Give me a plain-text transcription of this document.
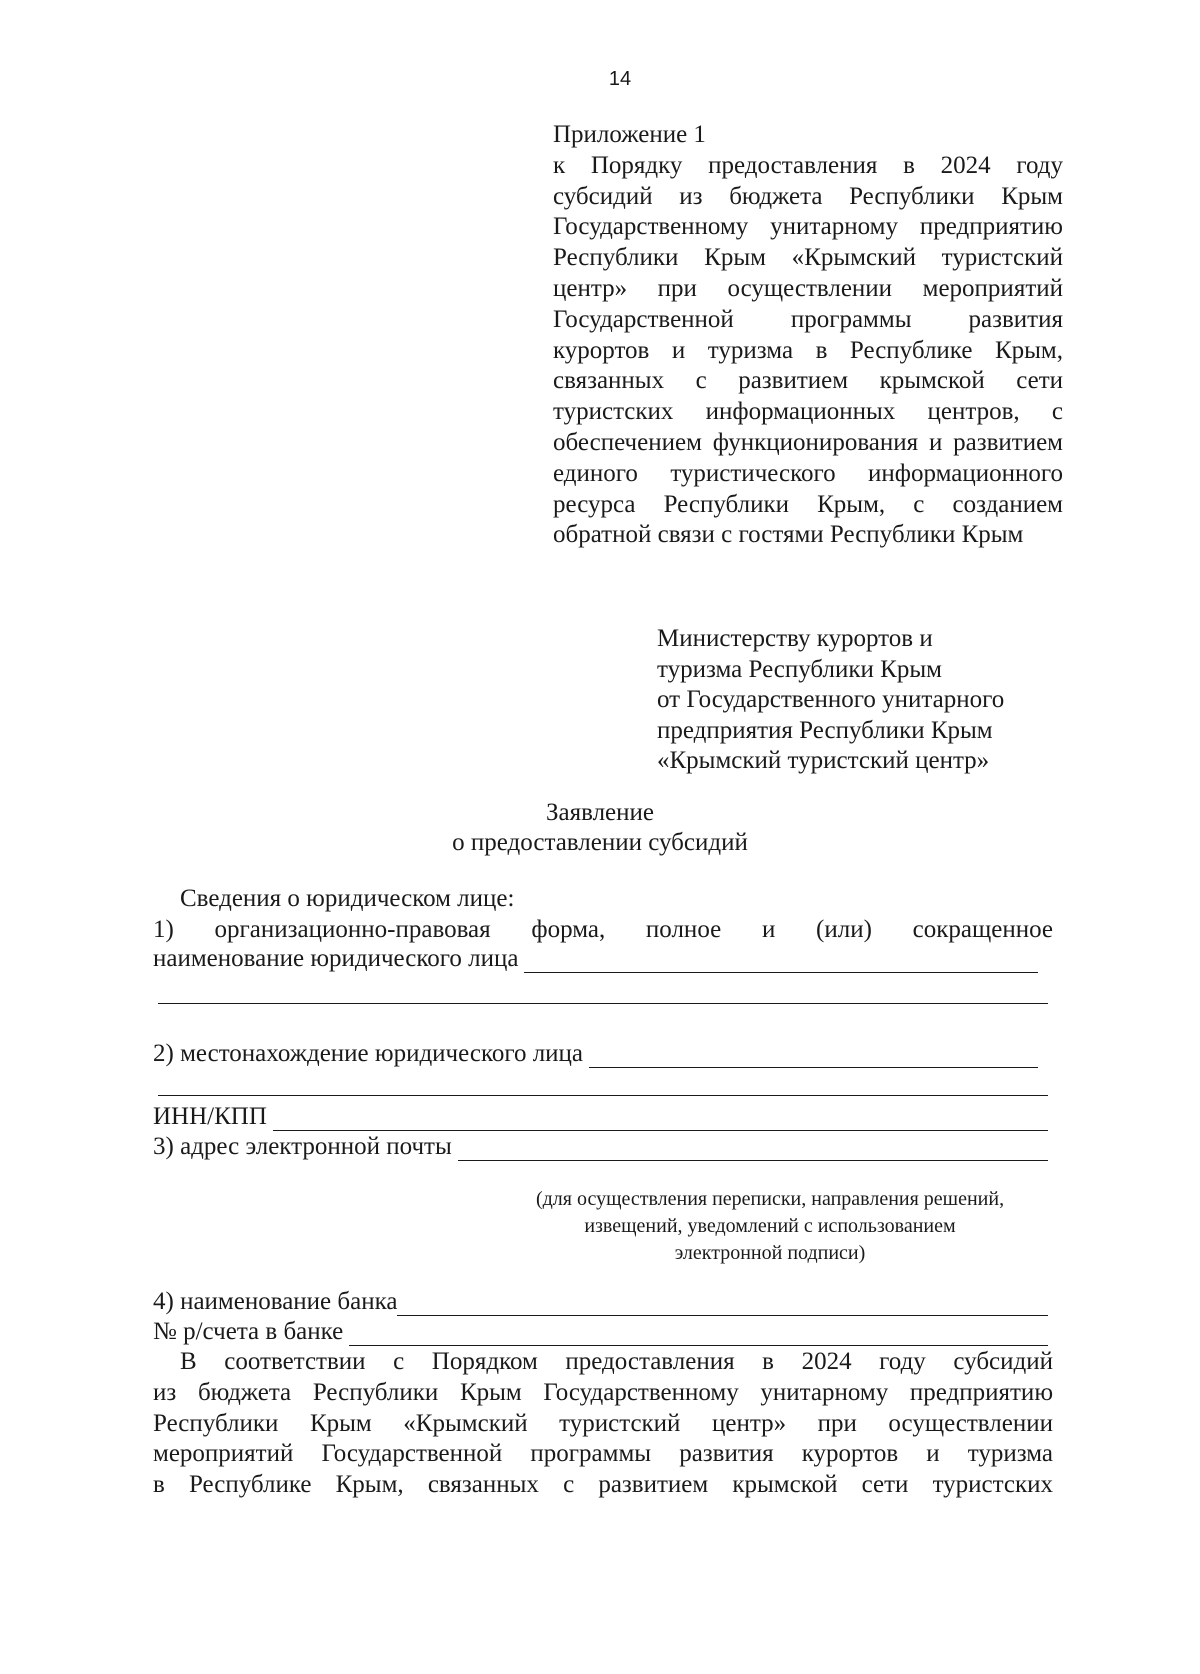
14
Приложение 1
к Порядку предоставления в 2024 году субсидий из бюджета Республики Крым Государственному унитарному предприятию Республики Крым «Крымский туристский центр» при осуществлении мероприятий Государственной программы развития курортов и туризма в Республике Крым, связанных с развитием крымской сети туристских информационных центров, с обеспечением функционирования и развитием единого туристического информационного ресурса Республики Крым, с созданием обратной связи с гостями Республики Крым
Министерству курортов и
туризма Республики Крым
от Государственного унитарного
предприятия Республики Крым
«Крымский туристский центр»
Заявление
о предоставлении субсидий
Сведения о юридическом лице:
1) организационно-правовая форма, полное и (или) сокращенное
наименование юридического лица
2) местонахождение юридического лица
ИНН/КПП
3) адрес электронной почты
(для осуществления переписки, направления решений,
извещений, уведомлений с использованием
электронной подписи)
4) наименование банка
№ р/счета в банке
В соответствии с Порядком предоставления в 2024 году субсидий
из бюджета Республики Крым Государственному унитарному предприятию
Республики Крым «Крымский туристский центр» при осуществлении
мероприятий Государственной программы развития курортов и туризма
в Республике Крым, связанных с развитием крымской сети туристских
